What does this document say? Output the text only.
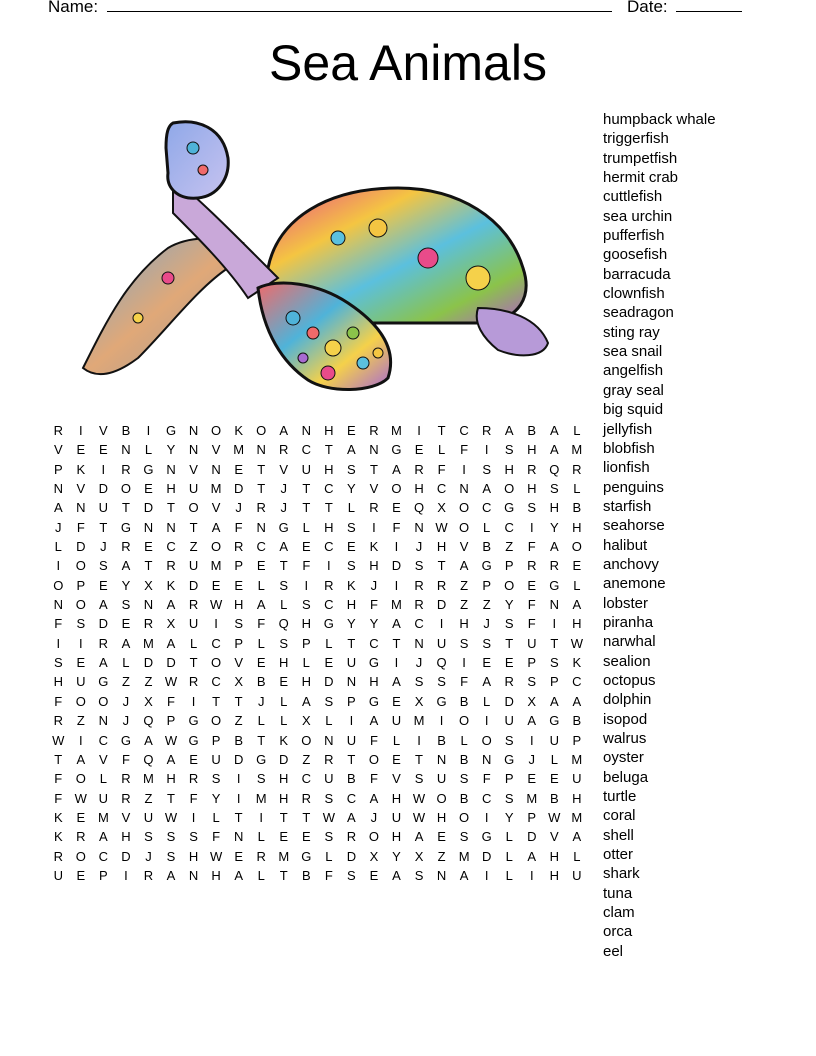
Name:	Date:
Sea Animals
R	I	V	B	I	G N O	K	O	A	N	H	E	R M	I	T	C	R	A	B	A	L
V	E	E	N	L	Y	N	V M N	R	C	T	A	N G	E	L	F	I	S	H	A M
P	K	I	R G N	V	N	E	T	V	U	H	S	T	A	R	F	I	S	H	R Q R
N	V	D O	E	H	U M D	T	J	T	C	Y	V	O H	C	N	A	O H	S	L
A	N	U	T	D	T	O	V	J	R	J	T	T	L	R	E	Q	X	O C G	S	H	B
J	F	T	G N	N	T	A	F	N G	L	H	S	I	F	N W O	L	C	I	Y	H
L	D	J	R	E	C	Z	O R	C	A	E	C	E	K	I	J	H	V	B	Z	F	A	O
I	O	S	A	T	R	U M P	E	T	F	I	S	H	D	S	T	A	G	P	R	R	E
O	P	E	Y	X	K	D	E	E	L	S	I	R	K	J	I	R	R	Z	P	O	E	G	L
N O	A	S	N	A	R W H	A	L	S	C	H	F	M R	D	Z	Z	Y	F	N	A
F	S	D	E	R	X	U	I	S	F	Q H G	Y	Y	A	C	I	H	J	S	F	I	H
I	I	R	A M A	L	C	P	L	S	P	L	T	C	T	N	U	S	S	T	U	T W
S	E	A	L	D	D	T	O	V	E	H	L	E	U G	I	J	Q	I	E	E	P	S	K
H	U G	Z	Z W R	C	X	B	E	H	D	N	H	A	S	S	F	A	R	S	P	C
F	O O	J	X	F	I	T	T	J	L	A	S	P	G	E	X	G	B	L	D	X	A	A
R	Z	N	J	Q	P	G O	Z	L	L	X	L	I	A	U M	I	O	I	U	A	G	B
W	I	C G	A W G	P	B	T	K	O N	U	F	L	I	B	L	O	S	I	U	P
T	A	V	F	Q	A	E	U	D G D	Z	R	T	O	E	T	N	B	N G	J	L	M
F	O	L	R M H	R	S	I	S	H	C	U	B	F	V	S	U	S	F	P	E	E	U
F W U	R	Z	T	F	Y	I	M H	R	S	C	A	H W O	B	C	S M B	H
K	E M V	U W	I	L	T	I	T	T W A	J	U W H O	I	Y	P W M
K	R	A	H	S	S	S	F	N	L	E	E	S	R O H	A	E	S	G	L	D	V	A
R O C	D	J	S	H W E	R M G	L	D	X	Y	X	Z	M D	L	A	H	L
U	E	P	I	R	A	N	H	A	L	T	B	F	S	E	A	S	N	A	I	L	I	H	U
humpback whale
triggerfish
trumpetfish
hermit crab
cuttlefish
sea urchin
pufferfish
goosefish
barracuda
clownfish
seadragon
sting ray
sea snail
angelfish
gray seal
big squid
jellyfish
blobfish
lionfish
penguins
starfish
seahorse
halibut
anchovy
anemone
lobster
piranha
narwhal
sealion
octopus
dolphin
isopod
walrus
oyster
beluga
turtle
coral
shell
otter
shark
tuna
clam
orca
eel
